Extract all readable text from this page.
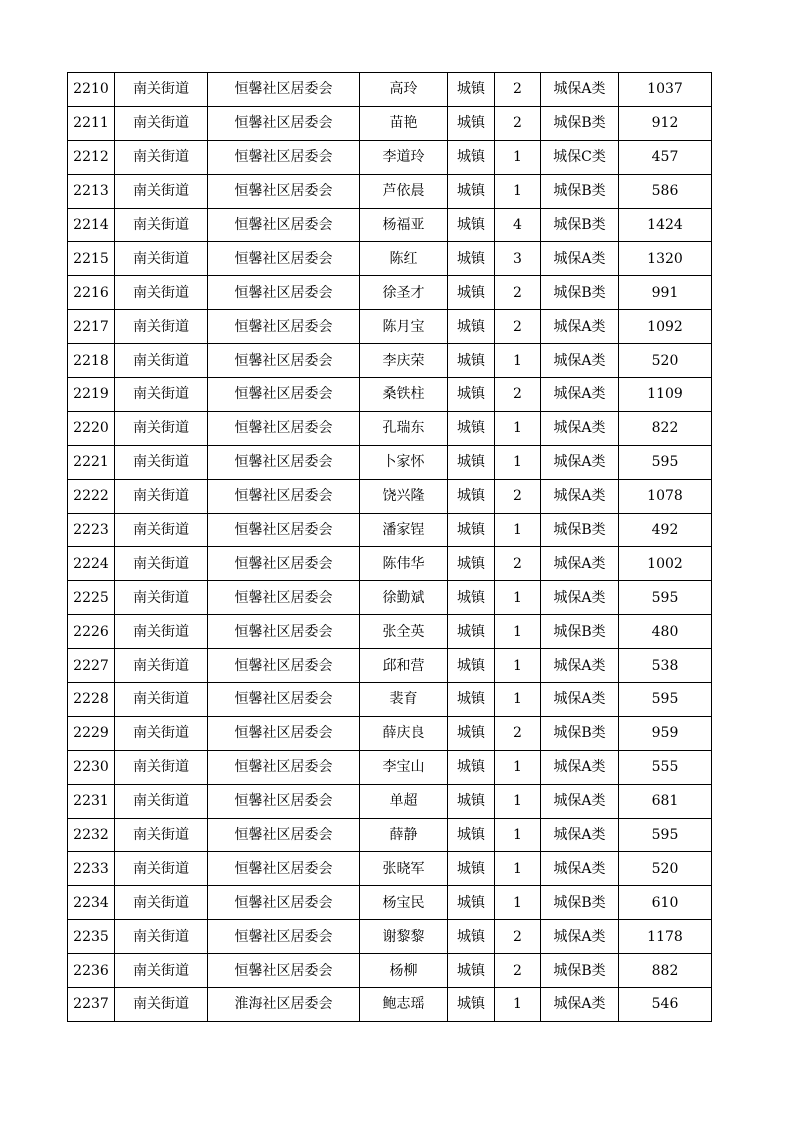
2210	南关街道	恒馨社区居委会	高玲	城镇	2	城保A类	1037
2211	南关街道	恒馨社区居委会	苗艳	城镇	2	城保B类	912
2212	南关街道	恒馨社区居委会	李道玲	城镇	1	城保C类	457
2213	南关街道	恒馨社区居委会	芦依晨	城镇	1	城保B类	586
2214	南关街道	恒馨社区居委会	杨福亚	城镇	4	城保B类	1424
2215	南关街道	恒馨社区居委会	陈红	城镇	3	城保A类	1320
2216	南关街道	恒馨社区居委会	徐圣才	城镇	2	城保B类	991
2217	南关街道	恒馨社区居委会	陈月宝	城镇	2	城保A类	1092
2218	南关街道	恒馨社区居委会	李庆荣	城镇	1	城保A类	520
2219	南关街道	恒馨社区居委会	桑铁柱	城镇	2	城保A类	1109
2220	南关街道	恒馨社区居委会	孔瑞东	城镇	1	城保A类	822
2221	南关街道	恒馨社区居委会	卜家怀	城镇	1	城保A类	595
2222	南关街道	恒馨社区居委会	饶兴隆	城镇	2	城保A类	1078
2223	南关街道	恒馨社区居委会	潘家锃	城镇	1	城保B类	492
2224	南关街道	恒馨社区居委会	陈伟华	城镇	2	城保A类	1002
2225	南关街道	恒馨社区居委会	徐勤斌	城镇	1	城保A类	595
2226	南关街道	恒馨社区居委会	张全英	城镇	1	城保B类	480
2227	南关街道	恒馨社区居委会	邱和营	城镇	1	城保A类	538
2228	南关街道	恒馨社区居委会	裴育	城镇	1	城保A类	595
2229	南关街道	恒馨社区居委会	薛庆良	城镇	2	城保B类	959
2230	南关街道	恒馨社区居委会	李宝山	城镇	1	城保A类	555
2231	南关街道	恒馨社区居委会	单超	城镇	1	城保A类	681
2232	南关街道	恒馨社区居委会	薛静	城镇	1	城保A类	595
2233	南关街道	恒馨社区居委会	张晓军	城镇	1	城保A类	520
2234	南关街道	恒馨社区居委会	杨宝民	城镇	1	城保B类	610
2235	南关街道	恒馨社区居委会	谢黎黎	城镇	2	城保A类	1178
2236	南关街道	恒馨社区居委会	杨柳	城镇	2	城保B类	882
2237	南关街道	淮海社区居委会	鲍志瑶	城镇	1	城保A类	546
